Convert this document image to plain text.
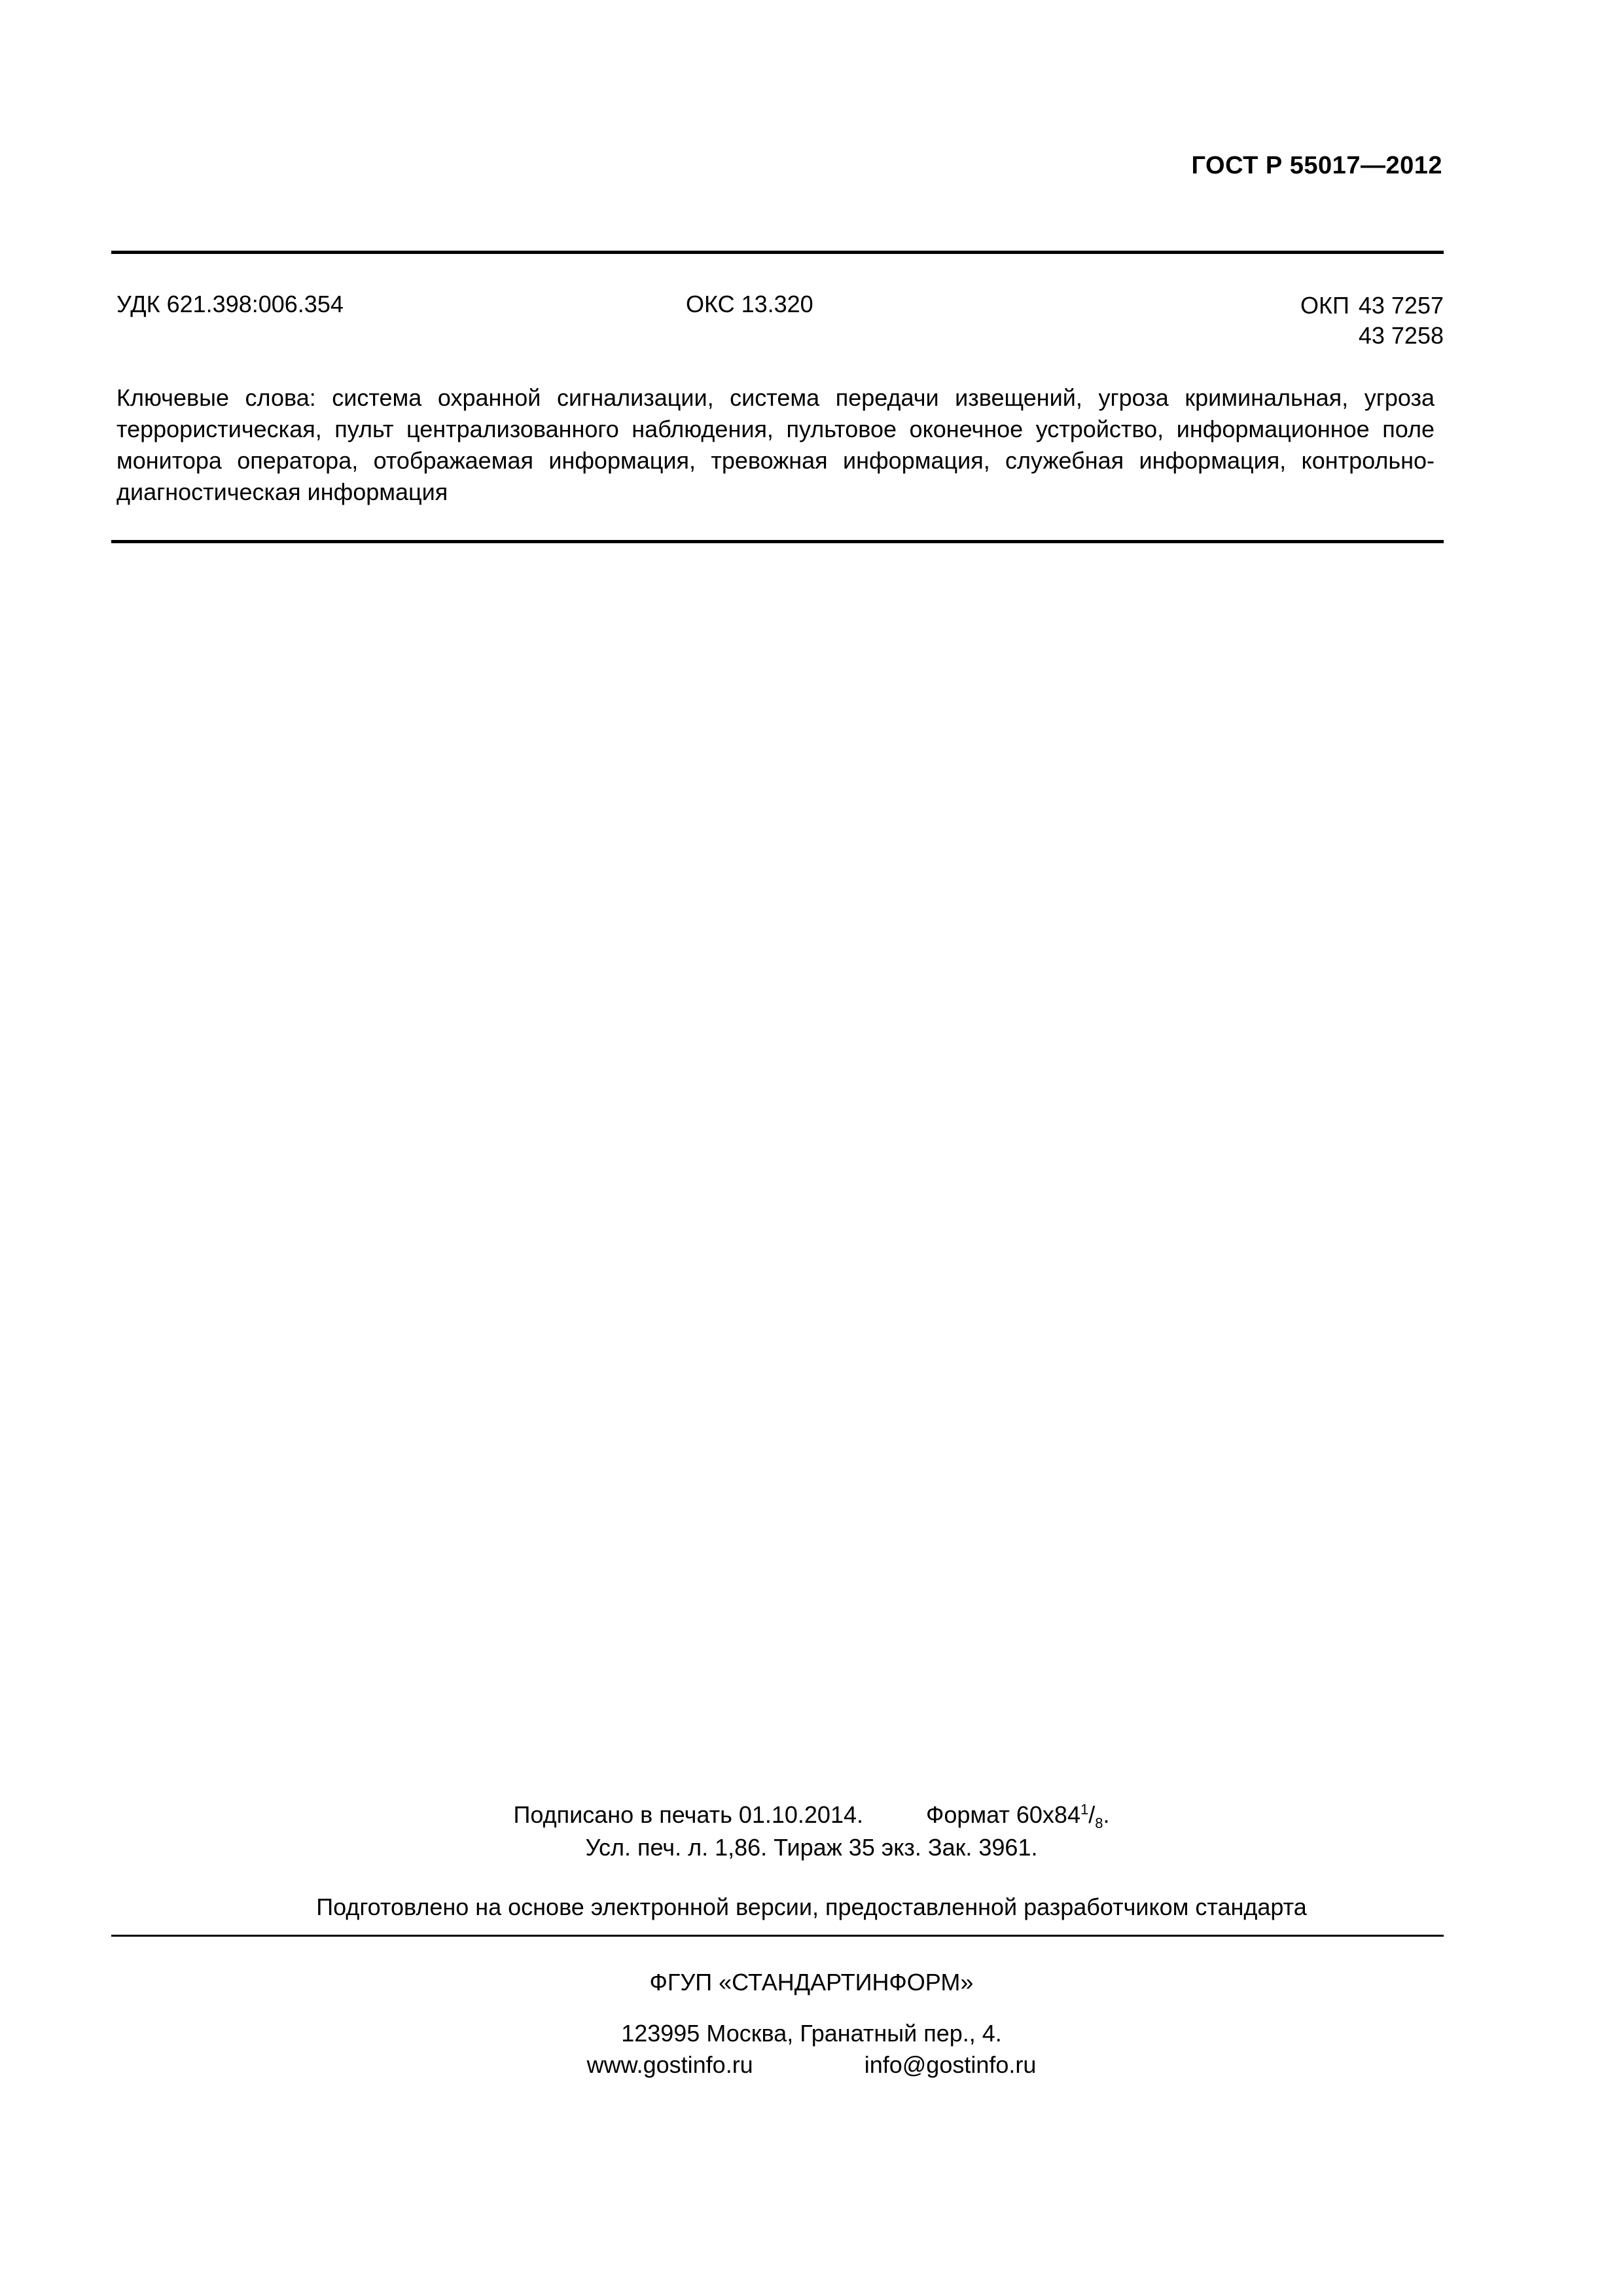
ГОСТ Р 55017—2012
УДК 621.398:006.354	ОКС 13.320	ОКП 43 7257
43 7258
Ключевые слова: система охранной сигнализации, система передачи извещений, угроза криминальная, угроза террористическая, пульт централизованного наблюдения, пультовое оконечное устройство, информационное поле монитора оператора, отображаемая информация, тревожная информация, служебная информация, контрольно-диагностическая информация
Подписано в печать 01.10.2014.	Формат $60х84^1/_8$.
Усл. печ. л. 1,86. Тираж 35 экз. Зак. 3961.
Подготовлено на основе электронной версии, предоставленной разработчиком стандарта
ФГУП «СТАНДАРТИНФОРМ»
123995 Москва, Гранатный пер., 4.
www.gostinfo.ru	info@gostinfo.ru
